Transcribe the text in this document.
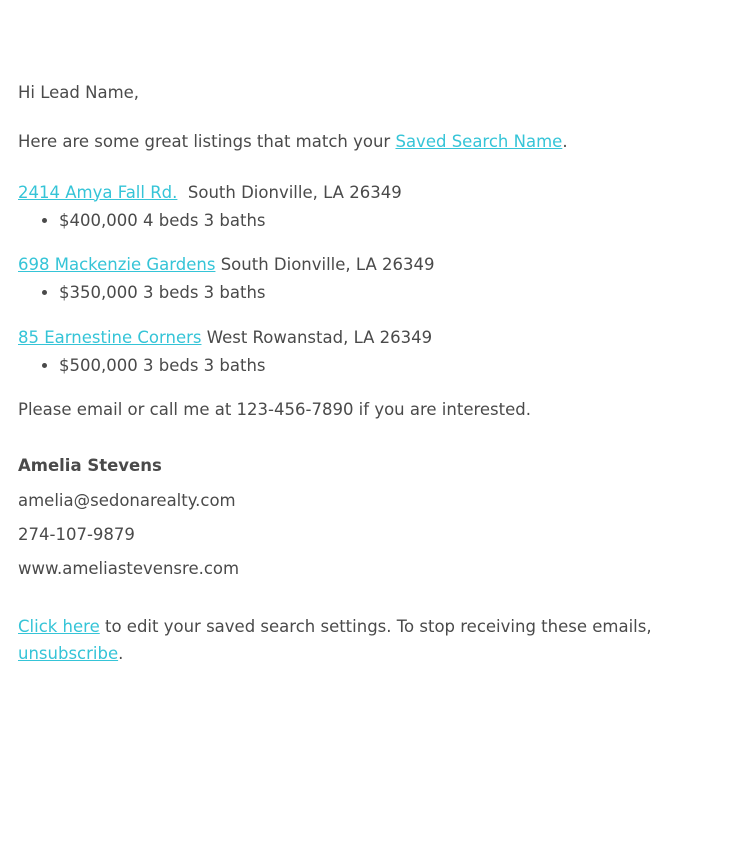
Hi Lead Name,

Here are some great listings that match your Saved Search Name.

2414 Amya Fall Rd. South Dionville, LA 26349

• $400,000 4 beds 3 baths

698 Mackenzie Gardens South Dionville, LA 26349

• $350,000 3 beds 3 baths

85 Earnestine Corners West Rowanstad, LA 26349

• $500,000 3 beds 3 baths

Please email or call me at 123-456-7890 if you are interested.

Amelia Stevens

amelia@sedonarealty.com

274-107-9879

www.ameliastevensre.com

Click here to edit your saved search settings. To stop receiving these emails, unsubscribe.
